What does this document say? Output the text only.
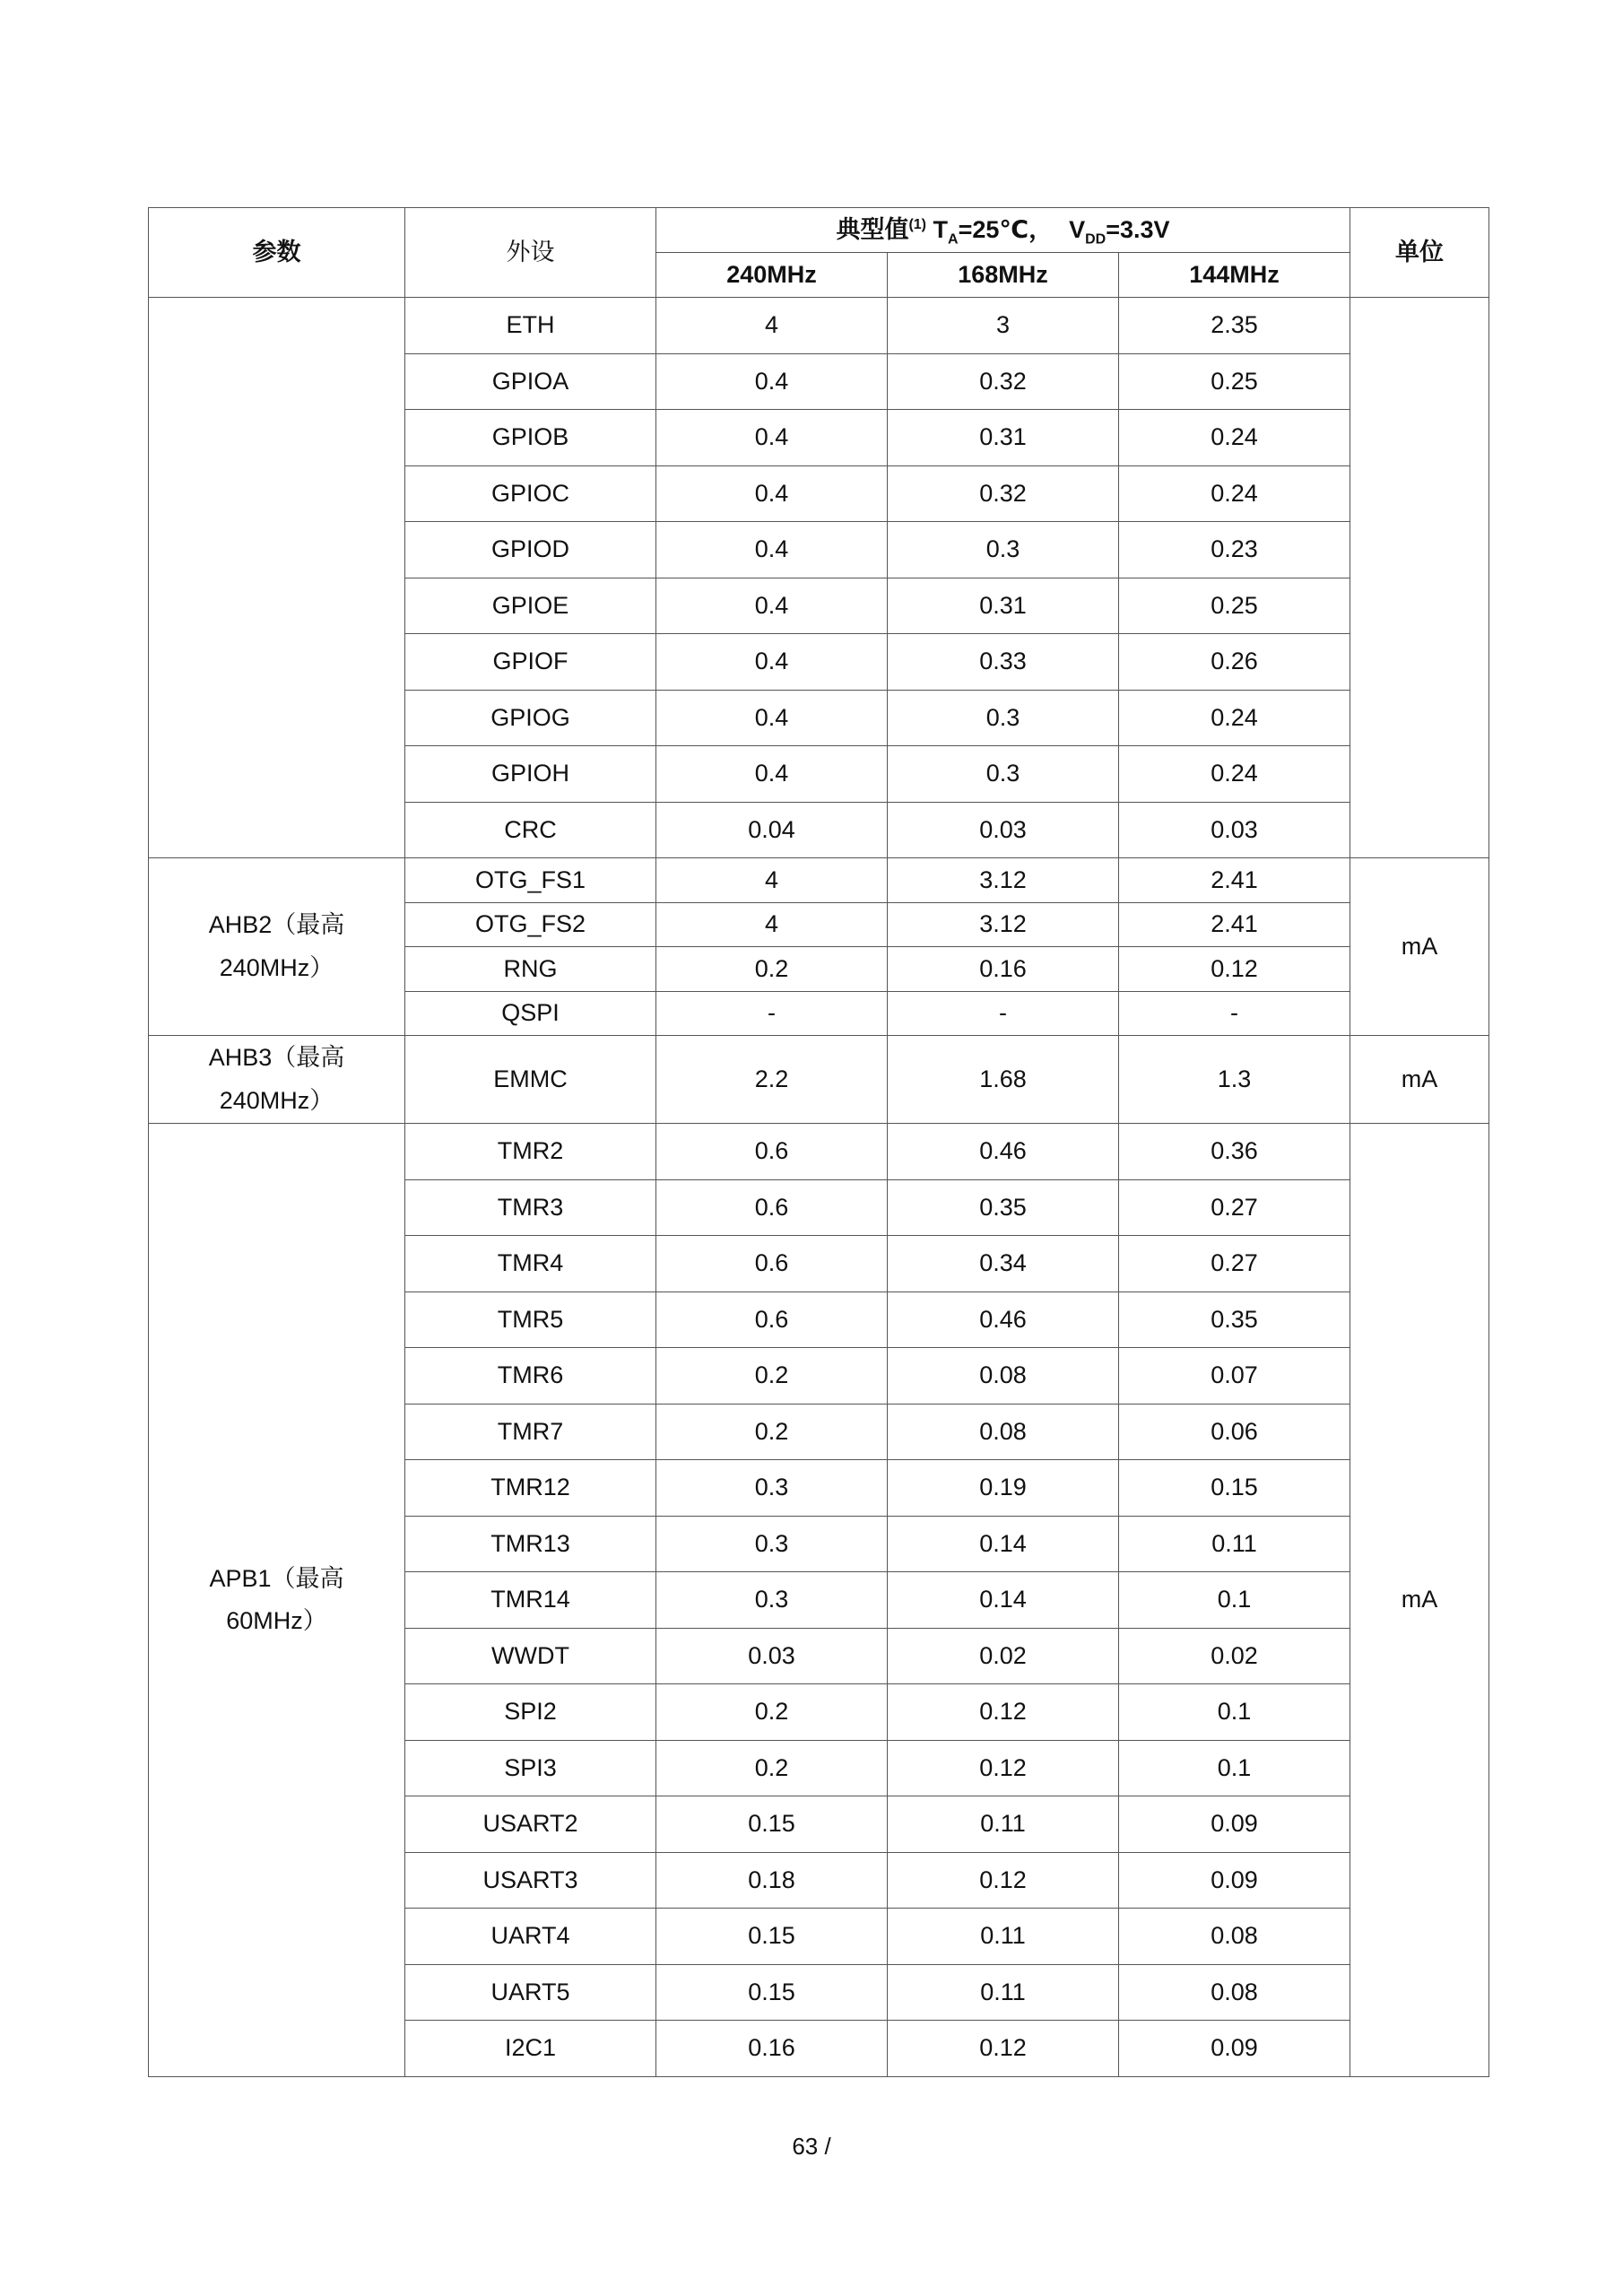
参数	外设	典型值$^{(1)}$ $T_A=25℃$， $V_{DD}=3.3V$			单位
		240MHz	168MHz	144MHz	
	ETH	4	3	2.35	
	GPIOA	0.4	0.32	0.25	
	GPIOB	0.4	0.31	0.24	
	GPIOC	0.4	0.32	0.24	
	GPIOD	0.4	0.3	0.23	
	GPIOE	0.4	0.31	0.25	
	GPIOF	0.4	0.33	0.26	
	GPIOG	0.4	0.3	0.24	
	GPIOH	0.4	0.3	0.24	
	CRC	0.04	0.03	0.03	

AHB2（最高
240MHz）	OTG_FS1	4	3.12	2.41	mA
	OTG_FS2	4	3.12	2.41	
	RNG	0.2	0.16	0.12	
	QSPI	-	-	-	

AHB3（最高
240MHz）	EMMC	2.2	1.68	1.3	mA

APB1（最高
60MHz）	TMR2	0.6	0.46	0.36	mA
	TMR3	0.6	0.35	0.27	
	TMR4	0.6	0.34	0.27	
	TMR5	0.6	0.46	0.35	
	TMR6	0.2	0.08	0.07	
	TMR7	0.2	0.08	0.06	
	TMR12	0.3	0.19	0.15	
	TMR13	0.3	0.14	0.11	
	TMR14	0.3	0.14	0.1	
	WWDT	0.03	0.02	0.02	
	SPI2	0.2	0.12	0.1	
	SPI3	0.2	0.12	0.1	
	USART2	0.15	0.11	0.09	
	USART3	0.18	0.12	0.09	
	UART4	0.15	0.11	0.08	
	UART5	0.15	0.11	0.08	
	I2C1	0.16	0.12	0.09	
63 /
